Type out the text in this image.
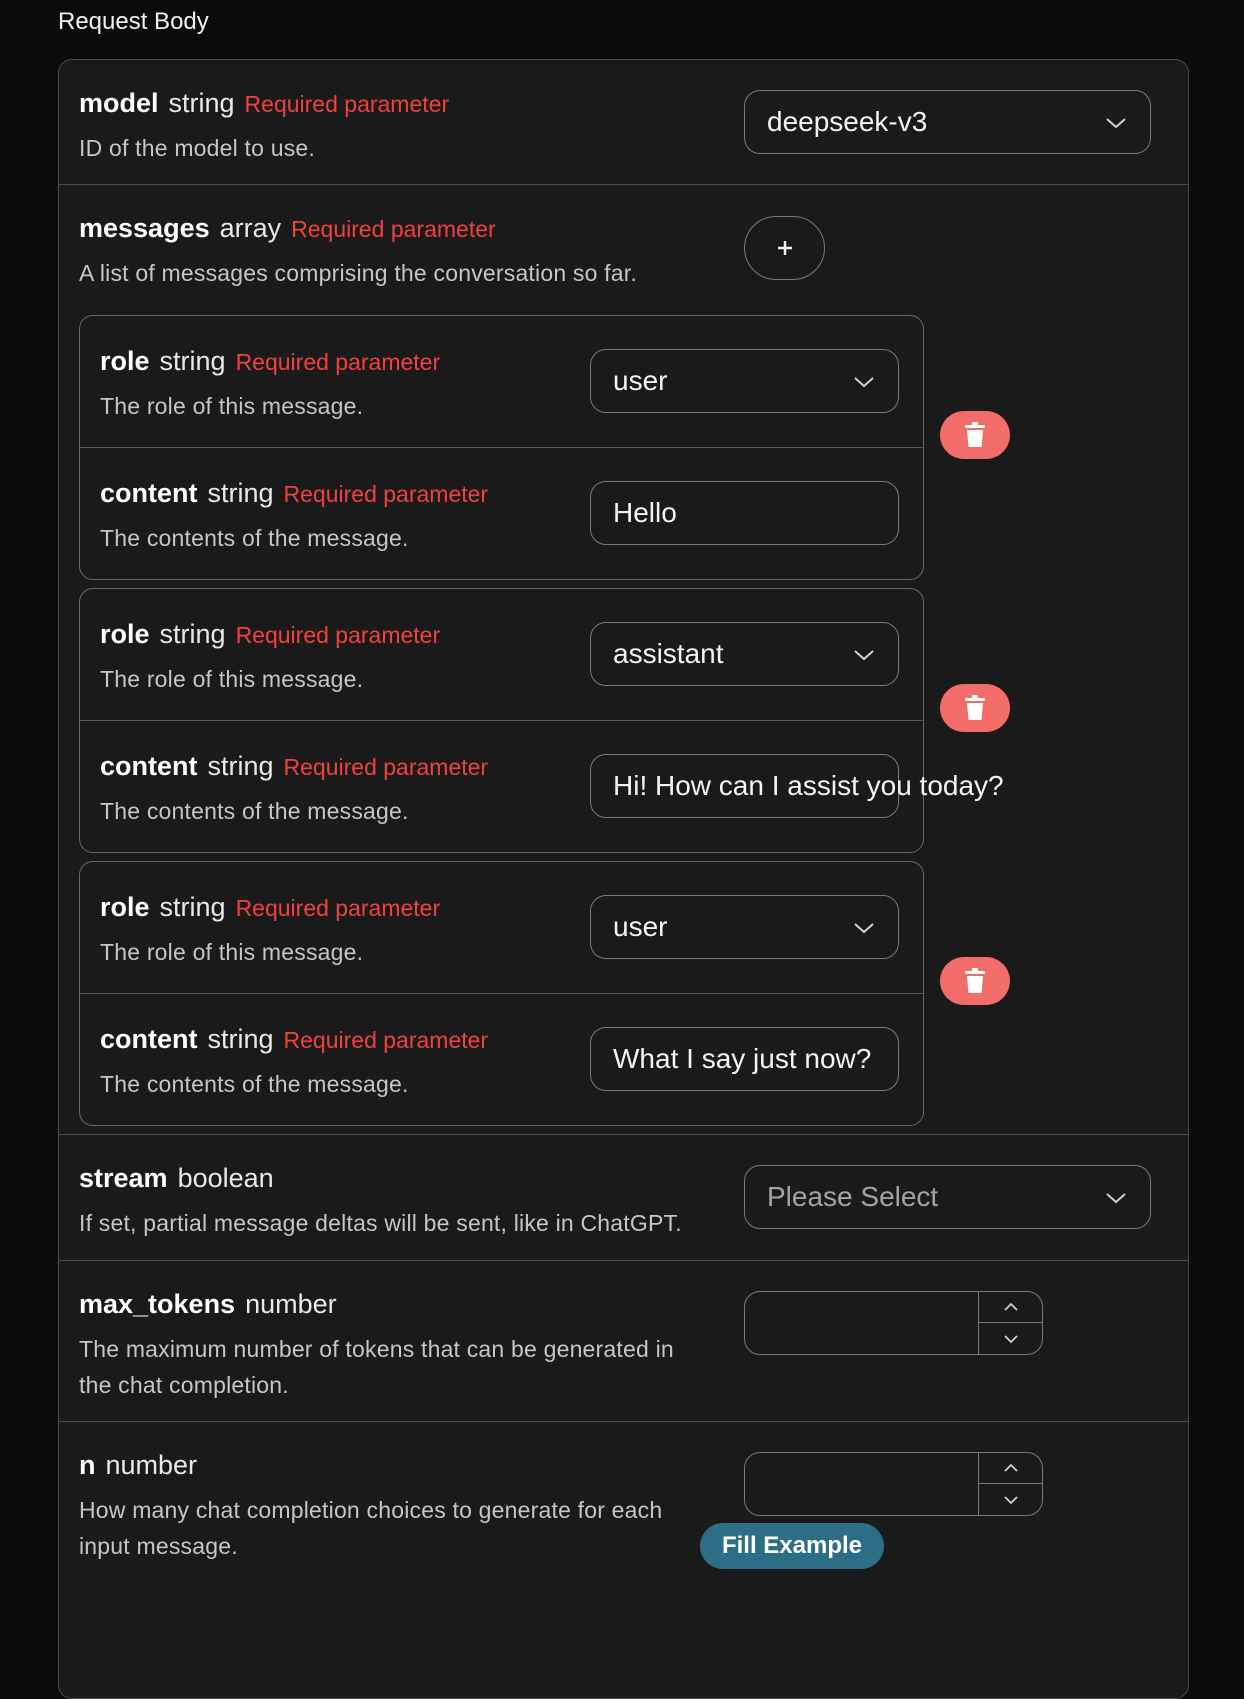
Request Body
model string Required parameter
ID of the model to use.
deepseek-v3
messages array Required parameter
A list of messages comprising the conversation so far.
role string Required parameter
The role of this message.
user
content string Required parameter
The contents of the message.
Hello
role string Required parameter
The role of this message.
assistant
content string Required parameter
The contents of the message.
Hi! How can I assist you today?
role string Required parameter
The role of this message.
user
content string Required parameter
The contents of the message.
What I say just now?
stream boolean
If set, partial message deltas will be sent, like in ChatGPT.
Please Select
max_tokens number
The maximum number of tokens that can be generated in
the chat completion.
n number
How many chat completion choices to generate for each
input message.	Fill Example
